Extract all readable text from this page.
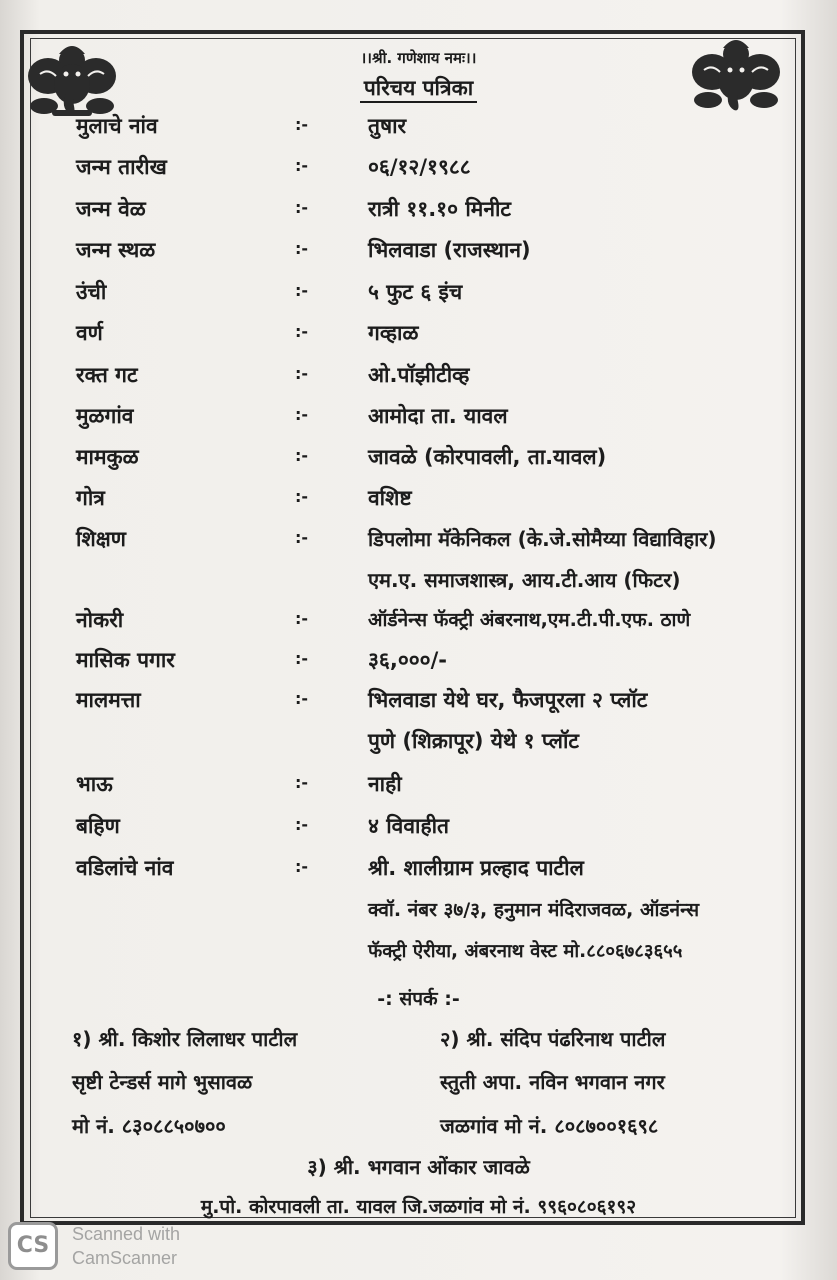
।।श्री. गणेशाय नमः।।
परिचय पत्रिका
मुलाचे नांव	:-	तुषार
जन्म तारीख	:-	०६/१२/१९८८
जन्म वेळ	:-	रात्री ११.१० मिनीट
जन्म स्थळ	:-	भिलवाडा (राजस्थान)
उंची	:-	५ फुट ६ इंच
वर्ण	:-	गव्हाळ
रक्त गट	:-	ओ.पॉझीटीव्ह
मुळगांव	:-	आमोदा ता. यावल
मामकुळ	:-	जावळे (कोरपावली, ता.यावल)
गोत्र	:-	वशिष्ट
शिक्षण	:-	डिपलोमा मॅकेनिकल (के.जे.सोमैय्या विद्याविहार)
एम.ए. समाजशास्त्र, आय.टी.आय (फिटर)
नोकरी	:-	ऑर्डनेन्स फॅक्ट्री अंबरनाथ,एम.टी.पी.एफ. ठाणे
मासिक पगार	:-	३६,०००/-
मालमत्ता	:-	भिलवाडा येथे घर, फैजपूरला २ प्लॉट
पुणे (शिक्रापूर) येथे १ प्लॉट
भाऊ	:-	नाही
बहिण	:-	४ विवाहीत
वडिलांचे नांव	:-	श्री. शालीग्राम प्रल्हाद पाटील
क्वॉ. नंबर ३७/३, हनुमान मंदिराजवळ, ऑडनंन्स
फॅक्ट्री ऐरीया, अंबरनाथ वेस्ट मो.८८०६७८३६५५
-: संपर्क :-
१) श्री. किशोर लिलाधर पाटील
सृष्टी टेन्डर्स मागे भुसावळ
मो नं. ८३०८८५०७००
२) श्री. संदिप पंढरिनाथ पाटील
स्तुती अपा. नविन भगवान नगर
जळगांव मो नं. ८०८७००१६९८
३) श्री. भगवान ओंकार जावळे
मु.पो. कोरपावली ता. यावल जि.जळगांव मो नं. ९९६०८०६१९२
CS	Scanned with
CamScanner
